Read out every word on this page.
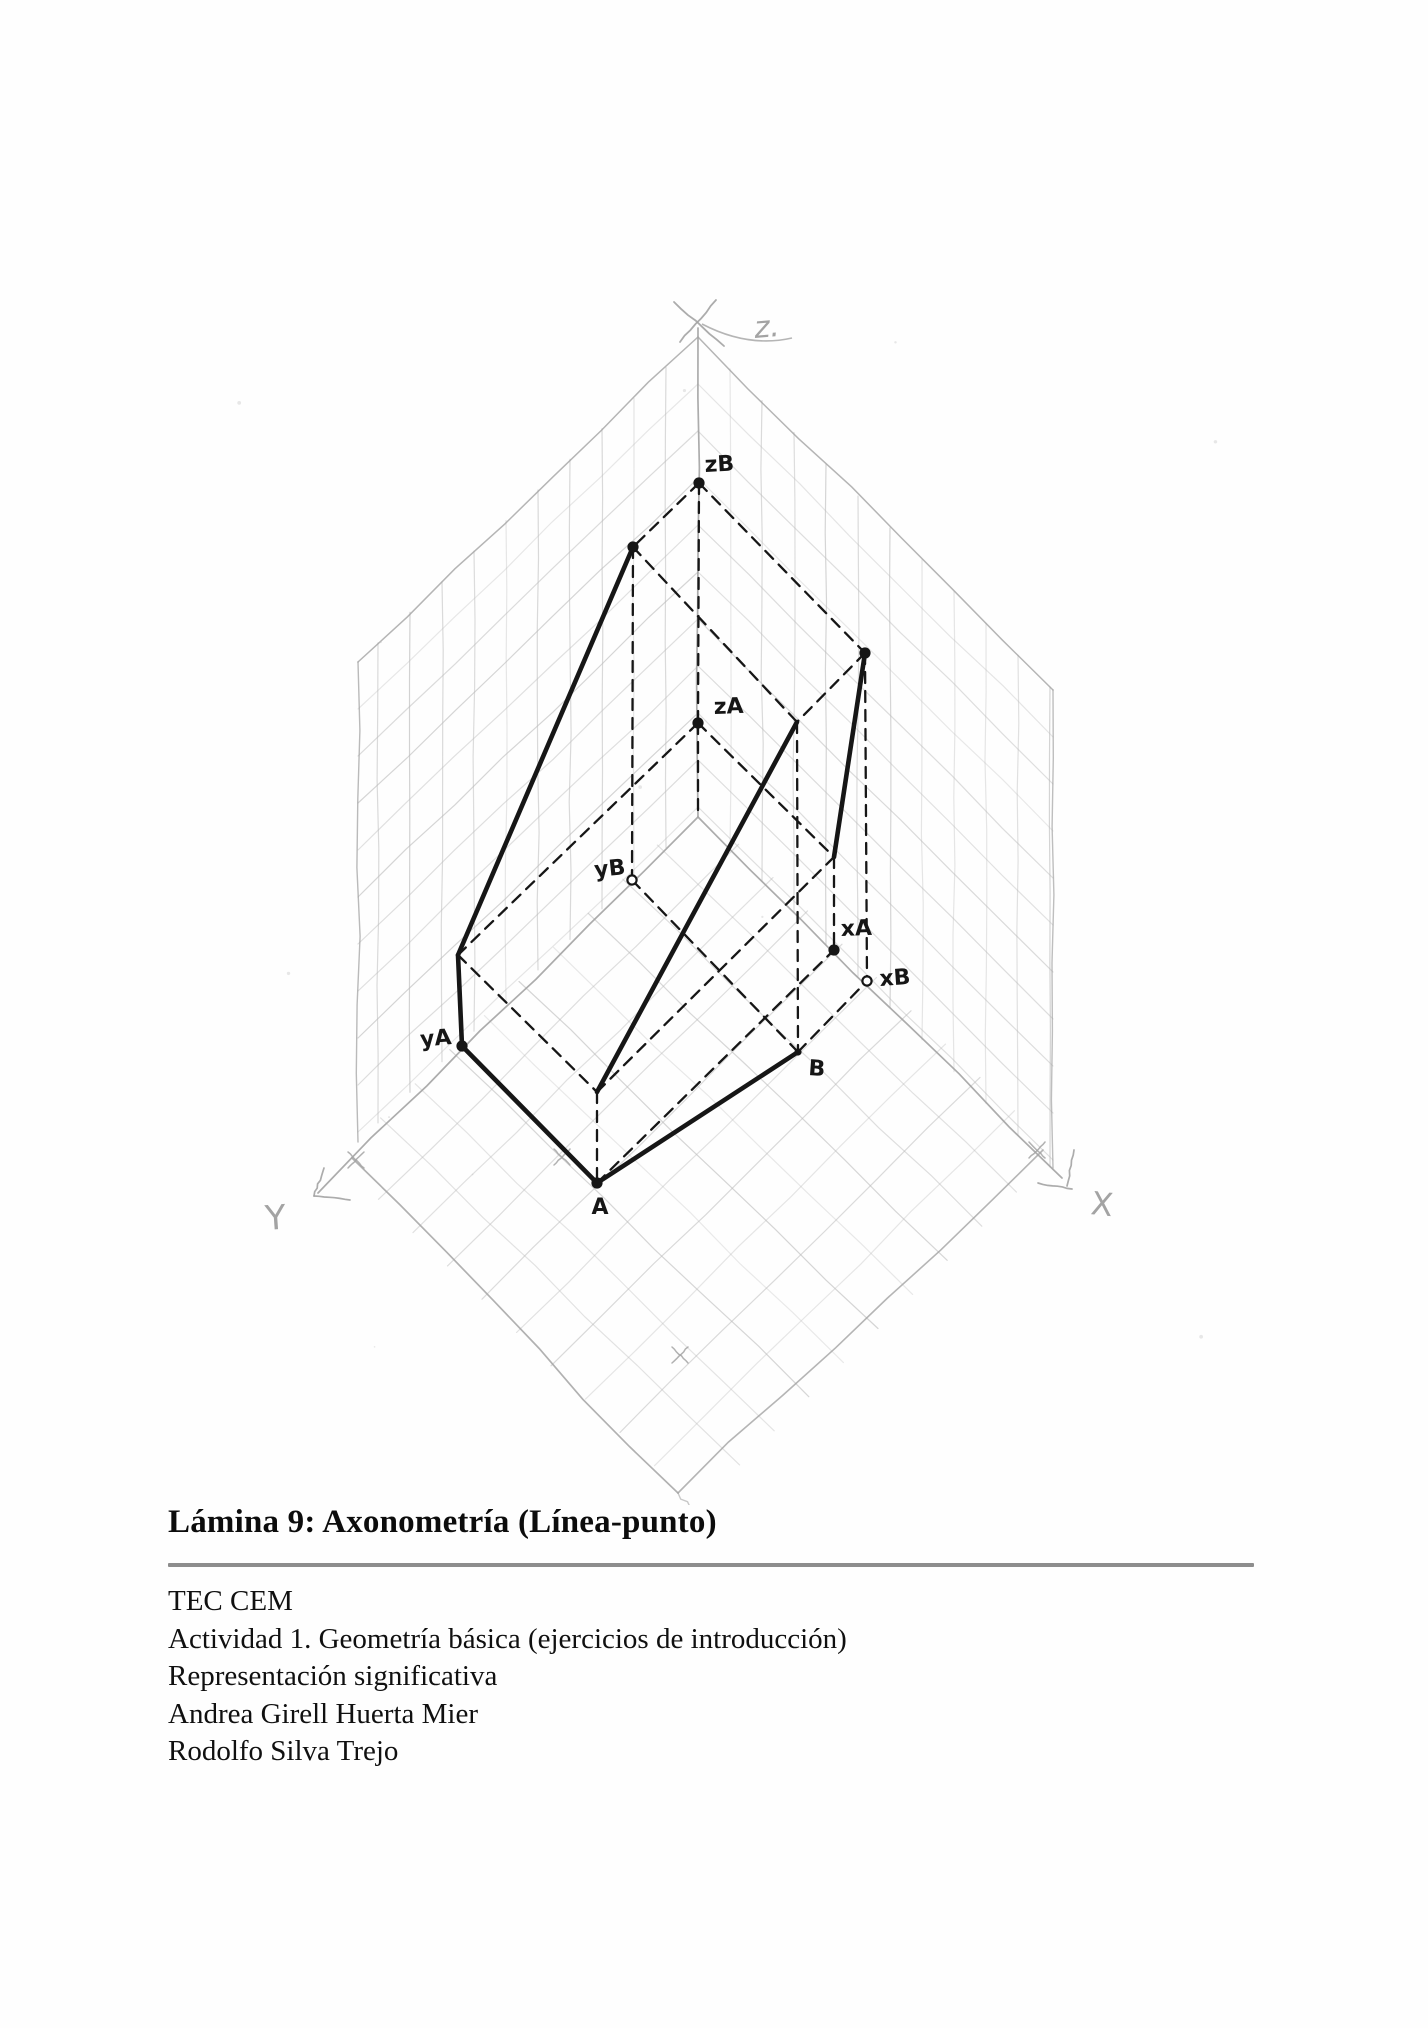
zB
zA
yB
xA
xB
yA
B
A
z.
Y	X
Lámina 9: Axonometría (Línea-punto)
TEC CEM
Actividad 1. Geometría básica (ejercicios de introducción)
Representación significativa
Andrea Girell Huerta Mier
Rodolfo Silva Trejo
